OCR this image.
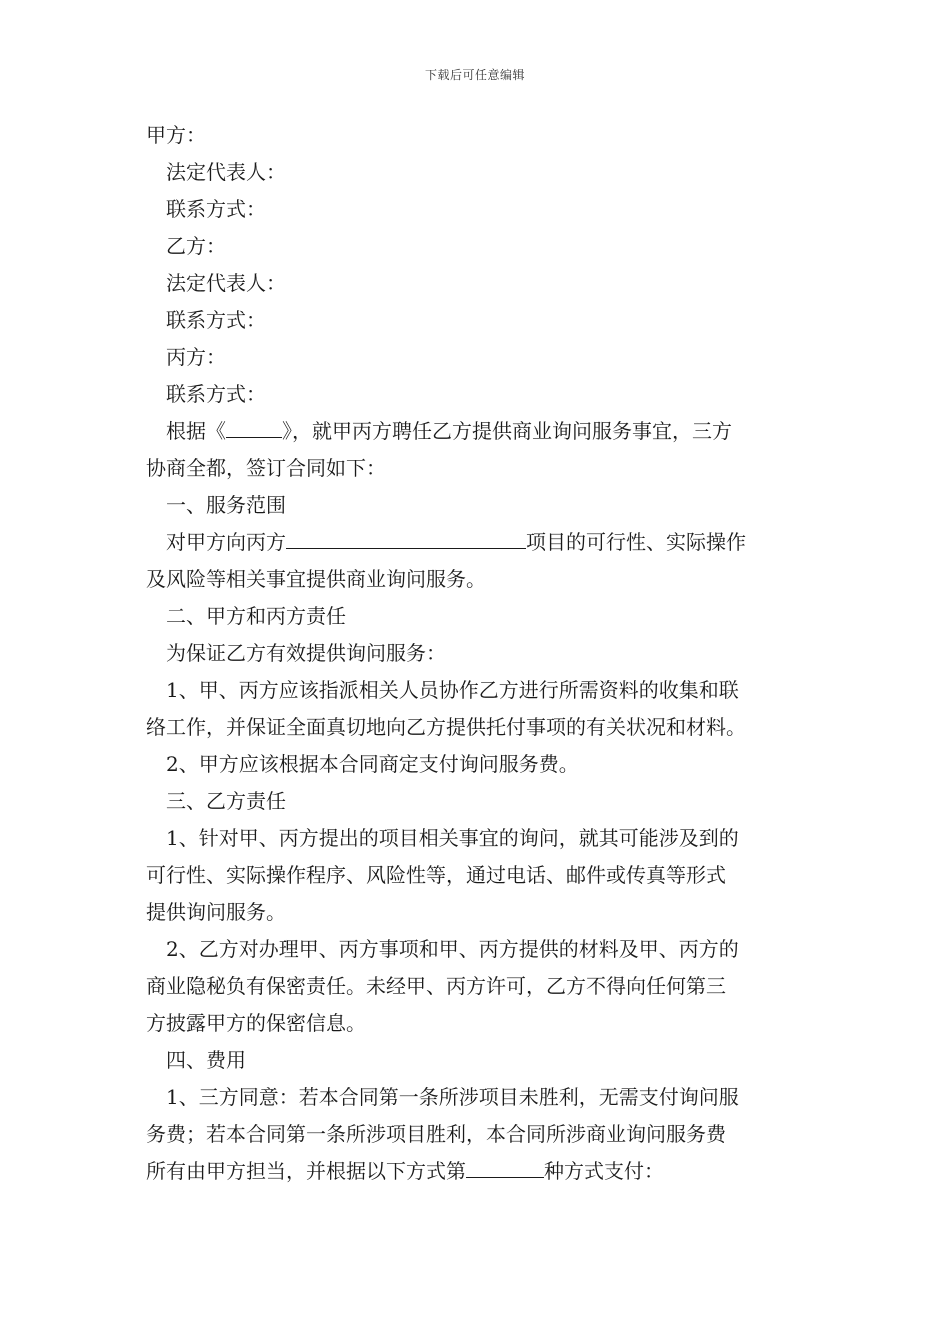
下载后可任意编辑
甲方：
法定代表人：
联系方式：
乙方：
法定代表人：
联系方式：
丙方：
联系方式：
根据《	》，就甲丙方聘任乙方提供商业询问服务事宜，三方
协商全都，签订合同如下：
一、服务范围
对甲方向丙方	项目的可行性、实际操作
及风险等相关事宜提供商业询问服务。
二、甲方和丙方责任
为保证乙方有效提供询问服务：
1、甲、丙方应该指派相关人员协作乙方进行所需资料的收集和联
络工作，并保证全面真切地向乙方提供托付事项的有关状况和材料。
2、甲方应该根据本合同商定支付询问服务费。
三、乙方责任
1、针对甲、丙方提出的项目相关事宜的询问，就其可能涉及到的
可行性、实际操作程序、风险性等，通过电话、邮件或传真等形式
提供询问服务。
2、乙方对办理甲、丙方事项和甲、丙方提供的材料及甲、丙方的
商业隐秘负有保密责任。未经甲、丙方许可，乙方不得向任何第三
方披露甲方的保密信息。
四、费用
1、三方同意：若本合同第一条所涉项目未胜利，无需支付询问服
务费；若本合同第一条所涉项目胜利，本合同所涉商业询问服务费
所有由甲方担当，并根据以下方式第	种方式支付：
